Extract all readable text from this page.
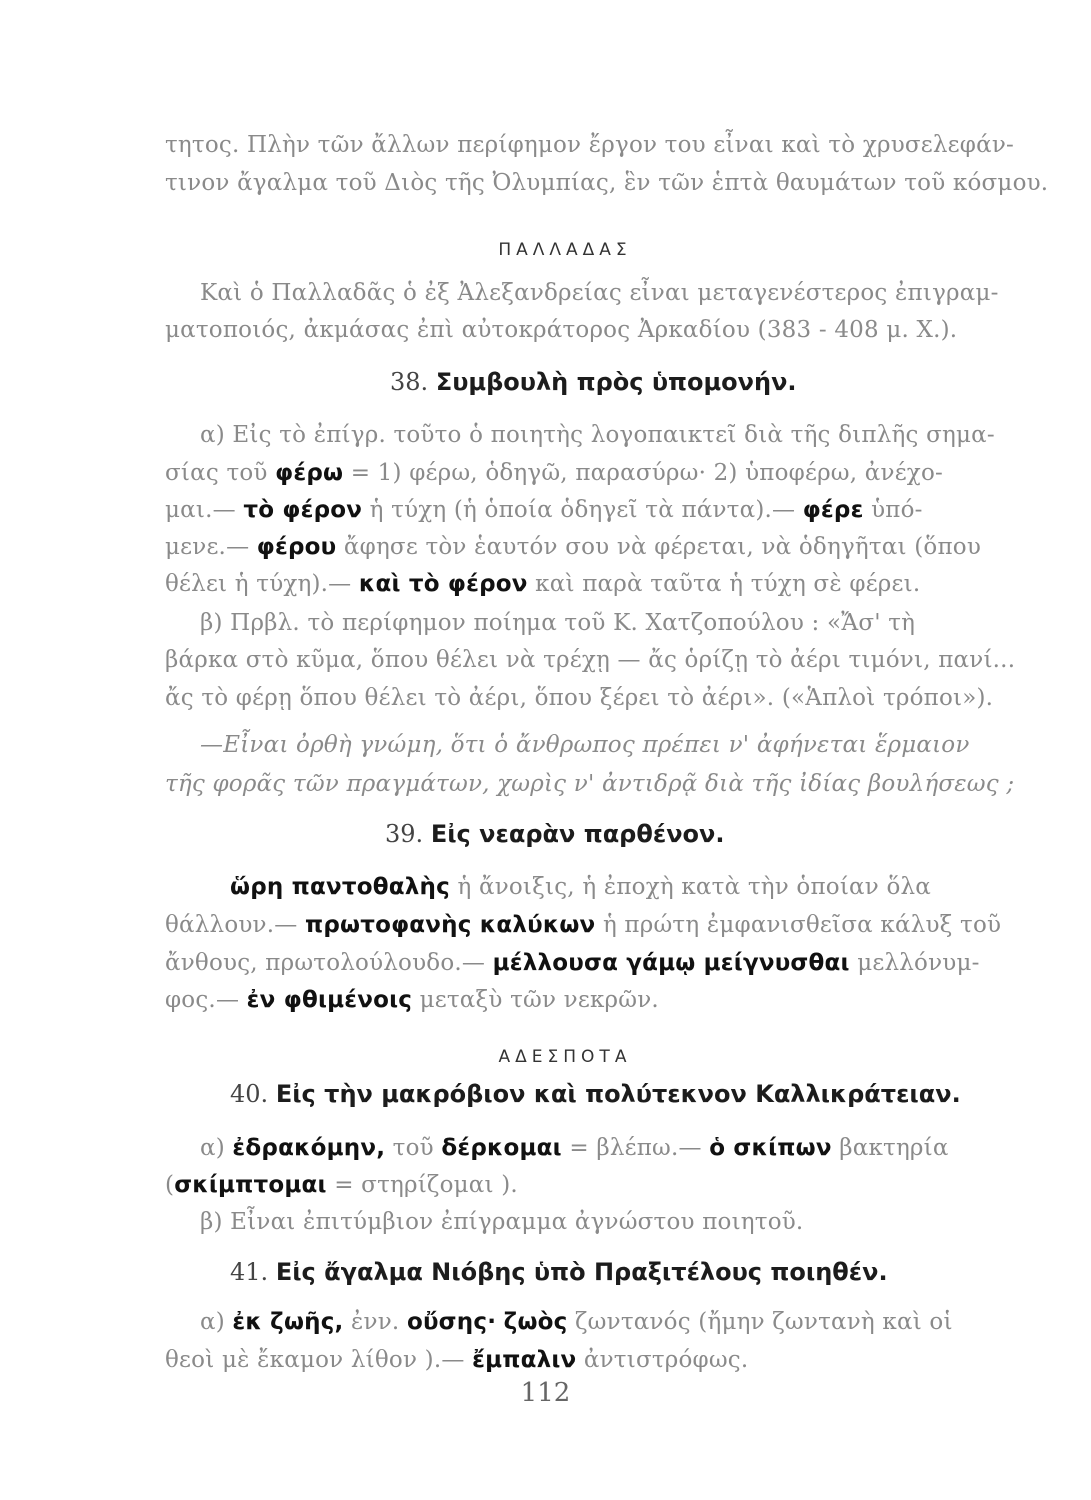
τητος. Πλὴν τῶν ἄλλων περίφημον ἔργον του εἶναι καὶ τὸ χρυσελεφάν-
τινον ἄγαλμα τοῦ Διὸς τῆς Ὀλυμπίας, ἓν τῶν ἑπτὰ θαυμάτων τοῦ κόσμου.
ΠΑΛΛΑΔΑΣ
Καὶ ὁ Παλλαδᾶς ὁ ἐξ Ἀλεξανδρείας εἶναι μεταγενέστερος ἐπιγραμ-
ματοποιός, ἀκμάσας ἐπὶ αὐτοκράτορος Ἀρκαδίου (383 - 408 μ. Χ.).
38. Συμβουλὴ πρὸς ὑπομονήν.
α) Εἰς τὸ ἐπίγρ. τοῦτο ὁ ποιητὴς λογοπαικτεῖ διὰ τῆς διπλῆς σημα-
σίας τοῦ φέρω = 1) φέρω, ὁδηγῶ, παρασύρω· 2) ὑποφέρω, ἀνέχο-
μαι.— τὸ φέρον ἡ τύχη (ἡ ὁποία ὁδηγεῖ τὰ πάντα).— φέρε ὑπό-
μενε.— φέρου ἄφησε τὸν ἑαυτόν σου νὰ φέρεται, νὰ ὁδηγῆται (ὅπου
θέλει ἡ τύχη).— καὶ τὸ φέρον καὶ παρὰ ταῦτα ἡ τύχη σὲ φέρει.
β) Πρβλ. τὸ περίφημον ποίημα τοῦ Κ. Χατζοπούλου : «Ἄσ' τὴ
βάρκα στὸ κῦμα, ὅπου θέλει νὰ τρέχῃ — ἄς ὁρίζῃ τὸ ἀέρι τιμόνι, πανί...
ἄς τὸ φέρῃ ὅπου θέλει τὸ ἀέρι, ὅπου ξέρει τὸ ἀέρι». («Ἁπλοὶ τρόποι»).
—Εἶναι ὀρθὴ γνώμη, ὅτι ὁ ἄνθρωπος πρέπει ν' ἀφήνεται ἕρμαιον
τῆς φορᾶς τῶν πραγμάτων, χωρὶς ν' ἀντιδρᾷ διὰ τῆς ἰδίας βουλήσεως ;
39. Εἰς νεαρὰν παρθένον.
ὥρη παντοθαλὴς ἡ ἄνοιξις, ἡ ἐποχὴ κατὰ τὴν ὁποίαν ὅλα
θάλλουν.— πρωτοφανὴς καλύκων ἡ πρώτη ἐμφανισθεῖσα κάλυξ τοῦ
ἄνθους, πρωτολούλουδο.— μέλλουσα γάμῳ μείγνυσθαι μελλόνυμ-
φος.— ἐν φθιμένοις μεταξὺ τῶν νεκρῶν.
ΑΔΕΣΠΟΤΑ
40. Εἰς τὴν μακρόβιον καὶ πολύτεκνον Καλλικράτειαν.
α) ἐδρακόμην, τοῦ δέρκομαι = βλέπω.— ὁ σκίπων βακτηρία
(σκίμπτομαι = στηρίζομαι ).
β) Εἶναι ἐπιτύμβιον ἐπίγραμμα ἀγνώστου ποιητοῦ.
41. Εἰς ἄγαλμα Νιόβης ὑπὸ Πραξιτέλους ποιηθέν.
α) ἐκ ζωῆς, ἐνν. οὔσης· ζωὸς ζωντανός (ἤμην ζωντανὴ καὶ οἱ
θεοὶ μὲ ἔκαμον λίθον ).— ἔμπαλιν ἀντιστρόφως.
112
